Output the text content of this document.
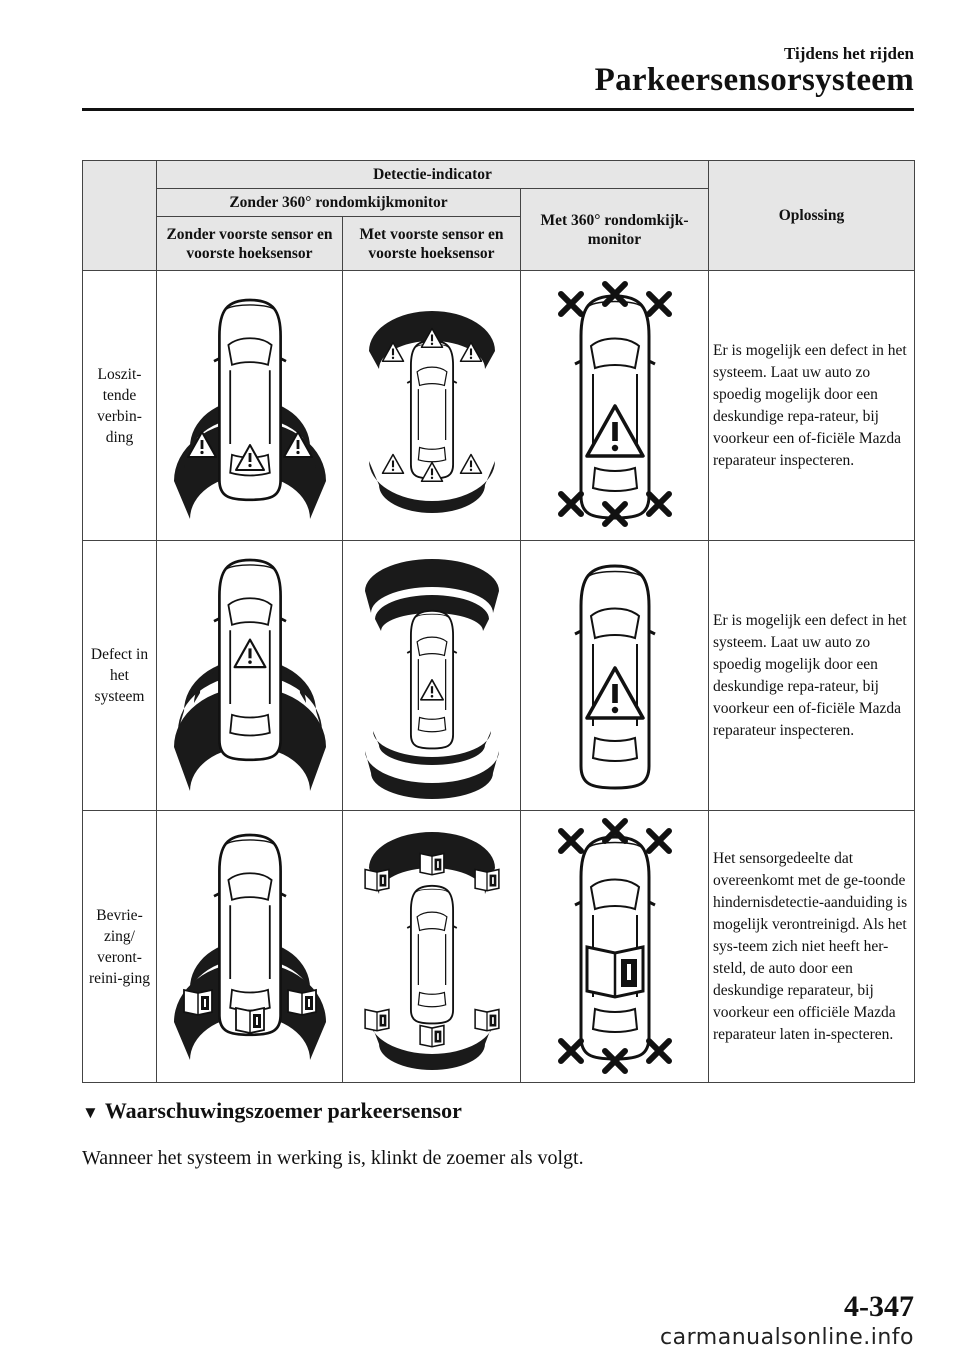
Tijdens het rijden
Parkeersensorsysteem
	Detectie-indicator			Oplossing
	Zonder 360° rondomkijkmonitor		Met 360° rondomkijk-monitor	
	Zonder voorste sensor en voorste hoeksensor	Met voorste sensor en voorste hoeksensor		
Loszit-tende verbin-ding				Er is mogelijk een defect in het systeem. Laat uw auto zo spoedig mogelijk door een deskundige repa-rateur, bij voorkeur een of-ficiële Mazda reparateur inspecteren.
Defect in het systeem				Er is mogelijk een defect in het systeem. Laat uw auto zo spoedig mogelijk door een deskundige repa-rateur, bij voorkeur een of-ficiële Mazda reparateur inspecteren.
Bevrie-zing/ veront-reini-ging				Het sensorgedeelte dat overeenkomt met de ge-toonde hindernisdetectie-aanduiding is mogelijk verontreinigd. Als het sys-teem zich niet heeft her-steld, de auto door een deskundige reparateur, bij voorkeur een officiële Mazda reparateur laten in-specteren.
▼ Waarschuwingszoemer parkeersensor
Wanneer het systeem in werking is, klinkt de zoemer als volgt.
4-347
carmanualsonline.info
